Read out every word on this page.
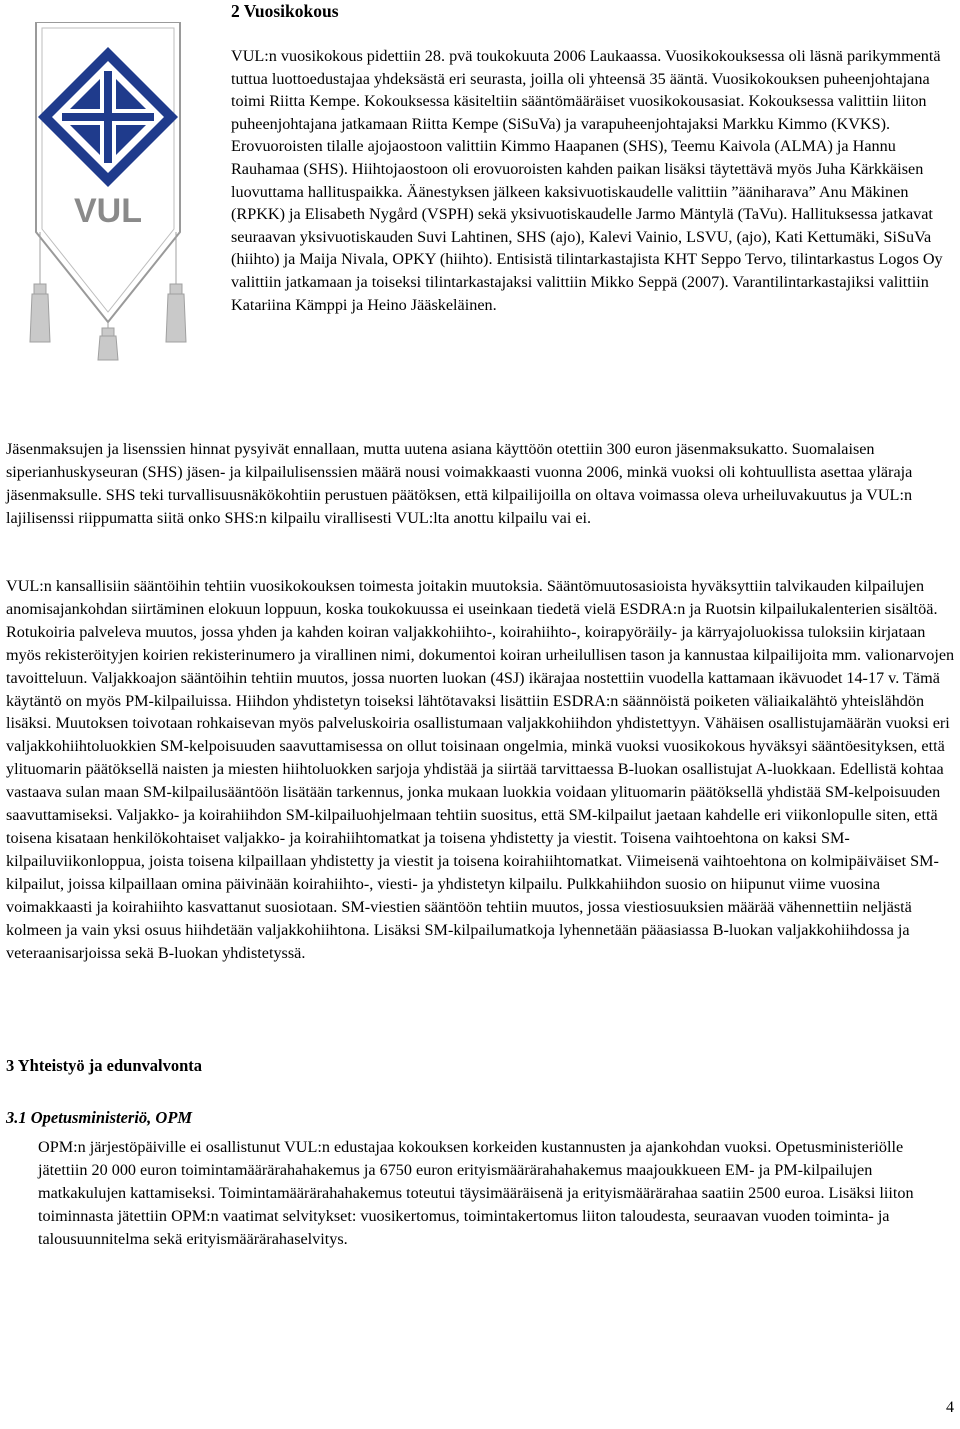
VUL
2 Vuosikokous
VUL:n vuosikokous pidettiin 28. pvä toukokuuta 2006 Laukaassa. Vuosikokouksessa oli läsnä parikymmentä tuttua luottoedustajaa yhdeksästä eri seurasta, joilla oli yhteensä 35 ääntä. Vuosikokouksen puheenjohtajana toimi Riitta Kempe. Kokouksessa käsiteltiin sääntömääräiset vuosikokousasiat. Kokouksessa valittiin liiton puheenjohtajana jatkamaan Riitta Kempe (SiSuVa) ja varapuheenjohtajaksi Markku Kimmo (KVKS). Erovuoroisten tilalle ajojaostoon valittiin Kimmo Haapanen (SHS), Teemu Kaivola (ALMA) ja Hannu Rauhamaa (SHS). Hiihtojaostoon oli erovuoroisten kahden paikan lisäksi täytettävä myös Juha Kärkkäisen luovuttama hallituspaikka. Äänestyksen jälkeen kaksivuotiskaudelle valittiin ”ääniharava” Anu Mäkinen (RPKK) ja Elisabeth Nygård (VSPH) sekä yksivuotiskaudelle Jarmo Mäntylä (TaVu). Hallituksessa jatkavat seuraavan yksivuotiskauden Suvi Lahtinen, SHS (ajo), Kalevi Vainio, LSVU, (ajo), Kati Kettumäki, SiSuVa (hiihto) ja Maija Nivala, OPKY (hiihto). Entisistä tilintarkastajista KHT Seppo Tervo, tilintarkastus Logos Oy valittiin jatkamaan ja toiseksi tilintarkastajaksi valittiin Mikko Seppä (2007). Varantilintarkastajiksi valittiin Katariina Kämppi ja Heino Jääskeläinen.
Jäsenmaksujen ja lisenssien hinnat pysyivät ennallaan, mutta uutena asiana käyttöön otettiin 300 euron jäsenmaksukatto. Suomalaisen siperianhuskyseuran (SHS) jäsen- ja kilpailulisenssien määrä nousi voimakkaasti vuonna 2006, minkä vuoksi oli kohtuullista asettaa yläraja jäsenmaksulle. SHS teki turvallisuusnäkökohtiin perustuen päätöksen, että kilpailijoilla on oltava voimassa oleva urheiluvakuutus ja VUL:n lajilisenssi riippumatta siitä onko SHS:n kilpailu virallisesti VUL:lta anottu kilpailu vai ei.
VUL:n kansallisiin sääntöihin tehtiin vuosikokouksen toimesta joitakin muutoksia. Sääntömuutosasioista hyväksyttiin talvikauden kilpailujen anomisajankohdan siirtäminen elokuun loppuun, koska toukokuussa ei useinkaan tiedetä vielä ESDRA:n ja Ruotsin kilpailukalenterien sisältöä. Rotukoiria palveleva muutos, jossa yhden ja kahden koiran valjakkohiihto-, koirahiihto-, koirapyöräily- ja kärryajoluokissa tuloksiin kirjataan myös rekisteröityjen koirien rekisterinumero ja virallinen nimi, dokumentoi koiran urheilullisen tason ja kannustaa kilpailijoita mm. valionarvojen tavoitteluun. Valjakkoajon sääntöihin tehtiin muutos, jossa nuorten luokan (4SJ) ikärajaa nostettiin vuodella kattamaan ikävuodet 14-17 v. Tämä käytäntö on myös PM-kilpailuissa. Hiihdon yhdistetyn toiseksi lähtötavaksi lisättiin ESDRA:n säännöistä poiketen väliaikalähtö yhteislähdön lisäksi. Muutoksen toivotaan rohkaisevan myös palveluskoiria osallistumaan valjakkohiihdon yhdistettyyn. Vähäisen osallistujamäärän vuoksi eri valjakkohiihtoluokkien SM-kelpoisuuden saavuttamisessa on ollut toisinaan ongelmia, minkä vuoksi vuosikokous hyväksyi sääntöesityksen, että ylituomarin päätöksellä naisten ja miesten hiihtoluokken sarjoja yhdistää ja siirtää tarvittaessa B-luokan osallistujat A-luokkaan. Edellistä kohtaa vastaava sulan maan SM-kilpailusääntöön lisätään tarkennus, jonka mukaan luokkia voidaan ylituomarin päätöksellä yhdistää SM-kelpoisuuden saavuttamiseksi. Valjakko- ja koirahiihdon SM-kilpailuohjelmaan tehtiin suositus, että SM-kilpailut jaetaan kahdelle eri viikonlopulle siten, että toisena kisataan henkilökohtaiset valjakko- ja koirahiihtomatkat ja toisena yhdistetty ja viestit. Toisena vaihtoehtona on kaksi SM-kilpailuviikonloppua, joista toisena kilpaillaan yhdistetty ja viestit ja toisena koirahiihtomatkat. Viimeisenä vaihtoehtona on kolmipäiväiset SM-kilpailut, joissa kilpaillaan omina päivinään koirahiihto-, viesti- ja yhdistetyn kilpailu. Pulkkahiihdon suosio on hiipunut viime vuosina voimakkaasti ja koirahiihto kasvattanut suosiotaan. SM-viestien sääntöön tehtiin muutos, jossa viestiosuuksien määrää vähennettiin neljästä kolmeen ja vain yksi osuus hiihdetään valjakkohiihtona. Lisäksi SM-kilpailumatkoja lyhennetään pääasiassa B-luokan valjakkohiihdossa ja veteraanisarjoissa sekä B-luokan yhdistetyssä.
3 Yhteistyö ja edunvalvonta
3.1 Opetusministeriö, OPM
OPM:n järjestöpäiville ei osallistunut VUL:n edustajaa kokouksen korkeiden kustannusten ja ajankohdan vuoksi. Opetusministeriölle jätettiin 20 000 euron toimintamäärärahahakemus ja 6750 euron erityismäärärahahakemus maajoukkueen EM- ja PM-kilpailujen matkakulujen kattamiseksi. Toimintamäärärahahakemus toteutui täysimääräisenä ja erityismäärärahaa saatiin 2500 euroa. Lisäksi liiton toiminnasta jätettiin OPM:n vaatimat selvitykset: vuosikertomus, toimintakertomus liiton taloudesta, seuraavan vuoden toiminta- ja talousuunnitelma sekä erityismäärärahaselvitys.
4
